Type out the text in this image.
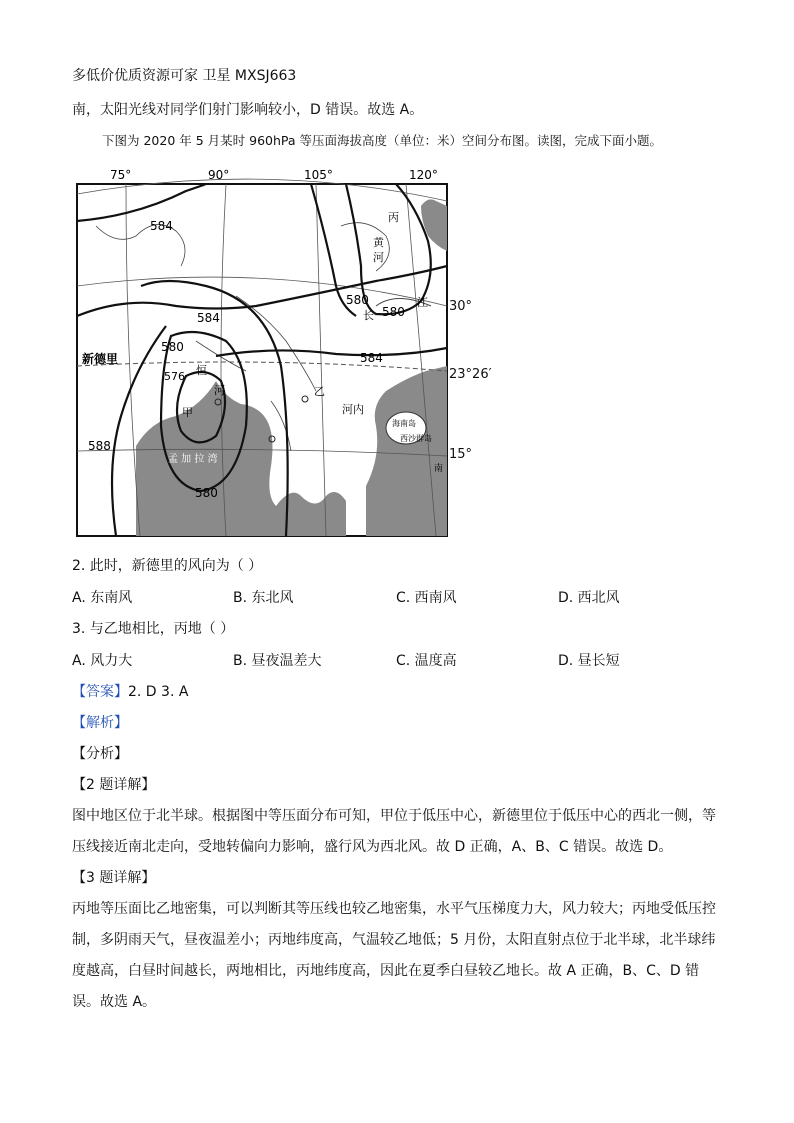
多低价优质资源可家 卫星 MXSJ663
南，太阳光线对同学们射门影响较小，D 错误。故选 A。
下图为 2020 年 5 月某时 960hPa 等压面海拔高度（单位：米）空间分布图。读图，完成下面小题。
75°	90°	105°	120°
584
584
580
580
580
584
576
580
588
新德里
恒
河
甲
丙
黄
河
江
长
乙
河内
孟 加 拉 湾
海南岛
西沙群岛
南
30°
23°26′
15°
2. 此时，新德里的风向为（ ）
A. 东南风	B. 东北风	C. 西南风	D. 西北风
3. 与乙地相比，丙地（ ）
A. 风力大	B. 昼夜温差大	C. 温度高	D. 昼长短
【答案】2. D 3. A
【解析】
【分析】
【2 题详解】
图中地区位于北半球。根据图中等压面分布可知，甲位于低压中心，新德里位于低压中心的西北一侧，等
压线接近南北走向，受地转偏向力影响，盛行风为西北风。故 D 正确，A、B、C 错误。故选 D。
【3 题详解】
丙地等压面比乙地密集，可以判断其等压线也较乙地密集，水平气压梯度力大，风力较大；丙地受低压控
制，多阴雨天气，昼夜温差小；丙地纬度高，气温较乙地低；5 月份，太阳直射点位于北半球，北半球纬
度越高，白昼时间越长，两地相比，丙地纬度高，因此在夏季白昼较乙地长。故 A 正确，B、C、D 错
误。故选 A。
